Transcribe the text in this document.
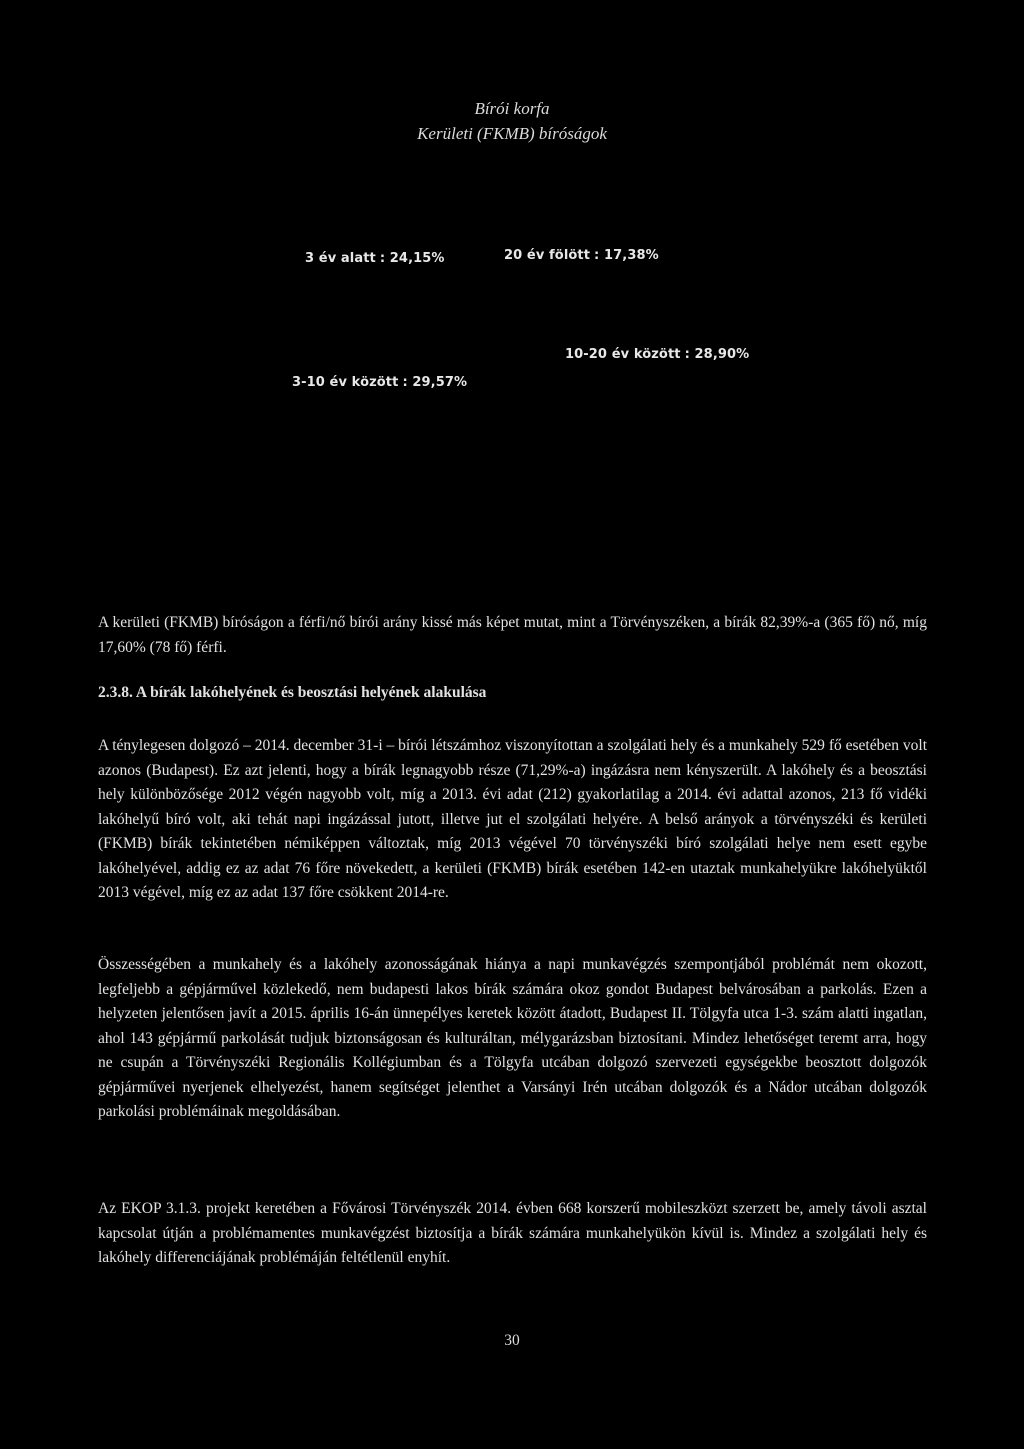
Bírói korfa
Kerületi (FKMB) bíróságok
3 év alatt : 24,15%	20 év fölött : 17,38%
10-20 év között : 28,90%
3-10 év között : 29,57%

A kerületi (FKMB) bíróságon a férfi/nő bírói arány kissé más képet mutat, mint a Törvényszéken, a bírák 82,39%-a (365 fő) nő, míg 17,60% (78 fő) férfi.

2.3.8. A bírák lakóhelyének és beosztási helyének alakulása

A ténylegesen dolgozó – 2014. december 31-i – bírói létszámhoz viszonyítottan a szolgálati hely és a munkahely 529 fő esetében volt azonos (Budapest). Ez azt jelenti, hogy a bírák legnagyobb része (71,29%-a) ingázásra nem kényszerült. A lakóhely és a beosztási hely különbözősége 2012 végén nagyobb volt, míg a 2013. évi adat (212) gyakorlatilag a 2014. évi adattal azonos, 213 fő vidéki lakóhelyű bíró volt, aki tehát napi ingázással jutott, illetve jut el szolgálati helyére. A belső arányok a törvényszéki és kerületi (FKMB) bírák tekintetében némiképpen változtak, míg 2013 végével 70 törvényszéki bíró szolgálati helye nem esett egybe lakóhelyével, addig ez az adat 76 főre növekedett, a kerületi (FKMB) bírák esetében 142-en utaztak munkahelyükre lakóhelyüktől 2013 végével, míg ez az adat 137 főre csökkent 2014-re.

Összességében a munkahely és a lakóhely azonosságának hiánya a napi munkavégzés szempontjából problémát nem okozott, legfeljebb a gépjárművel közlekedő, nem budapesti lakos bírák számára okoz gondot Budapest belvárosában a parkolás. Ezen a helyzeten jelentősen javít a 2015. április 16-án ünnepélyes keretek között átadott, Budapest II. Tölgyfa utca 1-3. szám alatti ingatlan, ahol 143 gépjármű parkolását tudjuk biztonságosan és kulturáltan, mélygarázsban biztosítani. Mindez lehetőséget teremt arra, hogy ne csupán a Törvényszéki Regionális Kollégiumban és a Tölgyfa utcában dolgozó szervezeti egységekbe beosztott dolgozók gépjárművei nyerjenek elhelyezést, hanem segítséget jelenthet a Varsányi Irén utcában dolgozók és a Nádor utcában dolgozók parkolási problémáinak megoldásában.

Az EKOP 3.1.3. projekt keretében a Fővárosi Törvényszék 2014. évben 668 korszerű mobileszközt szerzett be, amely távoli asztal kapcsolat útján a problémamentes munkavégzést biztosítja a bírák számára munkahelyükön kívül is. Mindez a szolgálati hely és lakóhely differenciájának problémáján feltétlenül enyhít.

30
